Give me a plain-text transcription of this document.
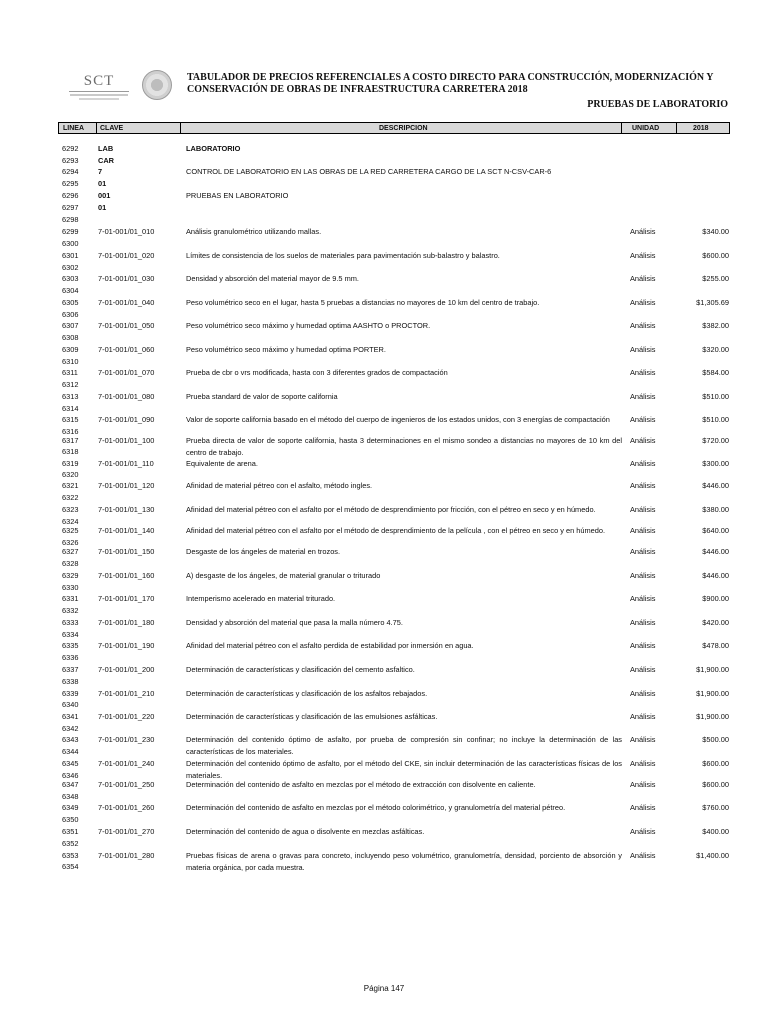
SCT	TABULADOR DE PRECIOS REFERENCIALES A COSTO DIRECTO PARA CONSTRUCCIÓN, MODERNIZACIÓN Y
CONSERVACIÓN DE OBRAS DE INFRAESTRUCTURA CARRETERA 2018
PRUEBAS DE LABORATORIO
LINEA CLAVE	DESCRIPCION	UNIDAD	2018
6292	LAB	LABORATORIO
6293	CAR
6294	7	CONTROL DE LABORATORIO EN LAS OBRAS DE LA RED CARRETERA CARGO DE LA SCT N-CSV-CAR-6
6295	01
6296	001	PRUEBAS EN LABORATORIO
6297	01
6298
6299	7-01-001/01_010	Análisis granulométrico utilizando mallas.	Análisis	$340.00
6300
6301	7-01-001/01_020	Límites de consistencia de los suelos de materiales para pavimentación sub-balastro y balastro.	Análisis	$600.00
6302
6303	7-01-001/01_030	Densidad y absorción del material mayor de 9.5 mm.	Análisis	$255.00
6304
6305	7-01-001/01_040	Peso volumétrico seco en el lugar, hasta 5 pruebas a distancias no mayores de 10 km del centro de trabajo.	Análisis	$1,305.69
6306
6307	7-01-001/01_050	Peso volumétrico seco máximo y humedad optima AASHTO o PROCTOR.	Análisis	$382.00
6308
6309	7-01-001/01_060	Peso volumétrico seco máximo y humedad optima PORTER.	Análisis	$320.00
6310
6311	7-01-001/01_070	Prueba de cbr o vrs modificada, hasta con 3 diferentes grados de compactación	Análisis	$584.00
6312
6313	7-01-001/01_080	Prueba standard de valor de soporte california	Análisis	$510.00
6314
6315	7-01-001/01_090	Valor de soporte california basado en el método del cuerpo de ingenieros de los estados unidos, con 3 energías de compactación	Análisis	$510.00
6316
6317	7-01-001/01_100	Prueba directa de valor de soporte california, hasta 3 determinaciones en el mismo sondeo a distancias no mayores de 10 km del centro de trabajo.
Análisis	$720.00
6318
6319	7-01-001/01_110	Equivalente de arena.	Análisis	$300.00
6320
6321	7-01-001/01_120	Afinidad de material pétreo con el asfalto, método ingles.	Análisis	$446.00
6322
6323	7-01-001/01_130	Afinidad del material pétreo con el asfalto por el método de desprendimiento por fricción, con el pétreo en seco y en húmedo.	Análisis	$380.00
6324
6325	7-01-001/01_140	Afinidad del material pétreo con el asfalto por el método de desprendimiento de la película , con el pétreo en seco y en húmedo.	Análisis	$640.00
6326
6327	7-01-001/01_150	Desgaste de los ángeles de material en trozos.	Análisis	$446.00
6328
6329	7-01-001/01_160	A) desgaste de los ángeles, de material granular o triturado	Análisis	$446.00
6330
6331	7-01-001/01_170	Intemperismo acelerado en material triturado.	Análisis	$900.00
6332
6333	7-01-001/01_180	Densidad y absorción del material que pasa la malla número 4.75.	Análisis	$420.00
6334
6335	7-01-001/01_190	Afinidad del material pétreo con el asfalto perdida de estabilidad por inmersión en agua.	Análisis	$478.00
6336
6337	7-01-001/01_200	Determinación de características y clasificación del cemento asfaltico.	Análisis	$1,900.00
6338
6339	7-01-001/01_210	Determinación de características y clasificación de los asfaltos rebajados.	Análisis	$1,900.00
6340
6341	7-01-001/01_220	Determinación de características y clasificación de las emulsiones asfálticas.	Análisis	$1,900.00
6342
6343	7-01-001/01_230	Determinación del contenido óptimo de asfalto, por prueba de compresión sin confinar; no incluye la determinación de las características de los materiales.
Análisis	$500.00
6344
6345	7-01-001/01_240	Determinación del contenido óptimo de asfalto, por el método del CKE, sin incluir determinación de las características físicas de los materiales.
Análisis	$600.00
6346
6347	7-01-001/01_250	Determinación del contenido de asfalto en mezclas por el método de extracción con disolvente en caliente.	Análisis	$600.00
6348
6349	7-01-001/01_260	Determinación del contenido de asfalto en mezclas por el método colorimétrico, y granulometría del material pétreo.	Análisis	$760.00
6350
6351	7-01-001/01_270	Determinación del contenido de agua o disolvente en mezclas asfálticas.	Análisis	$400.00
6352
6353	7-01-001/01_280	Pruebas físicas de arena o gravas para concreto, incluyendo peso volumétrico, granulometría, densidad, porciento de absorción y materia orgánica, por cada muestra.
Análisis	$1,400.00
6354
Página 147
